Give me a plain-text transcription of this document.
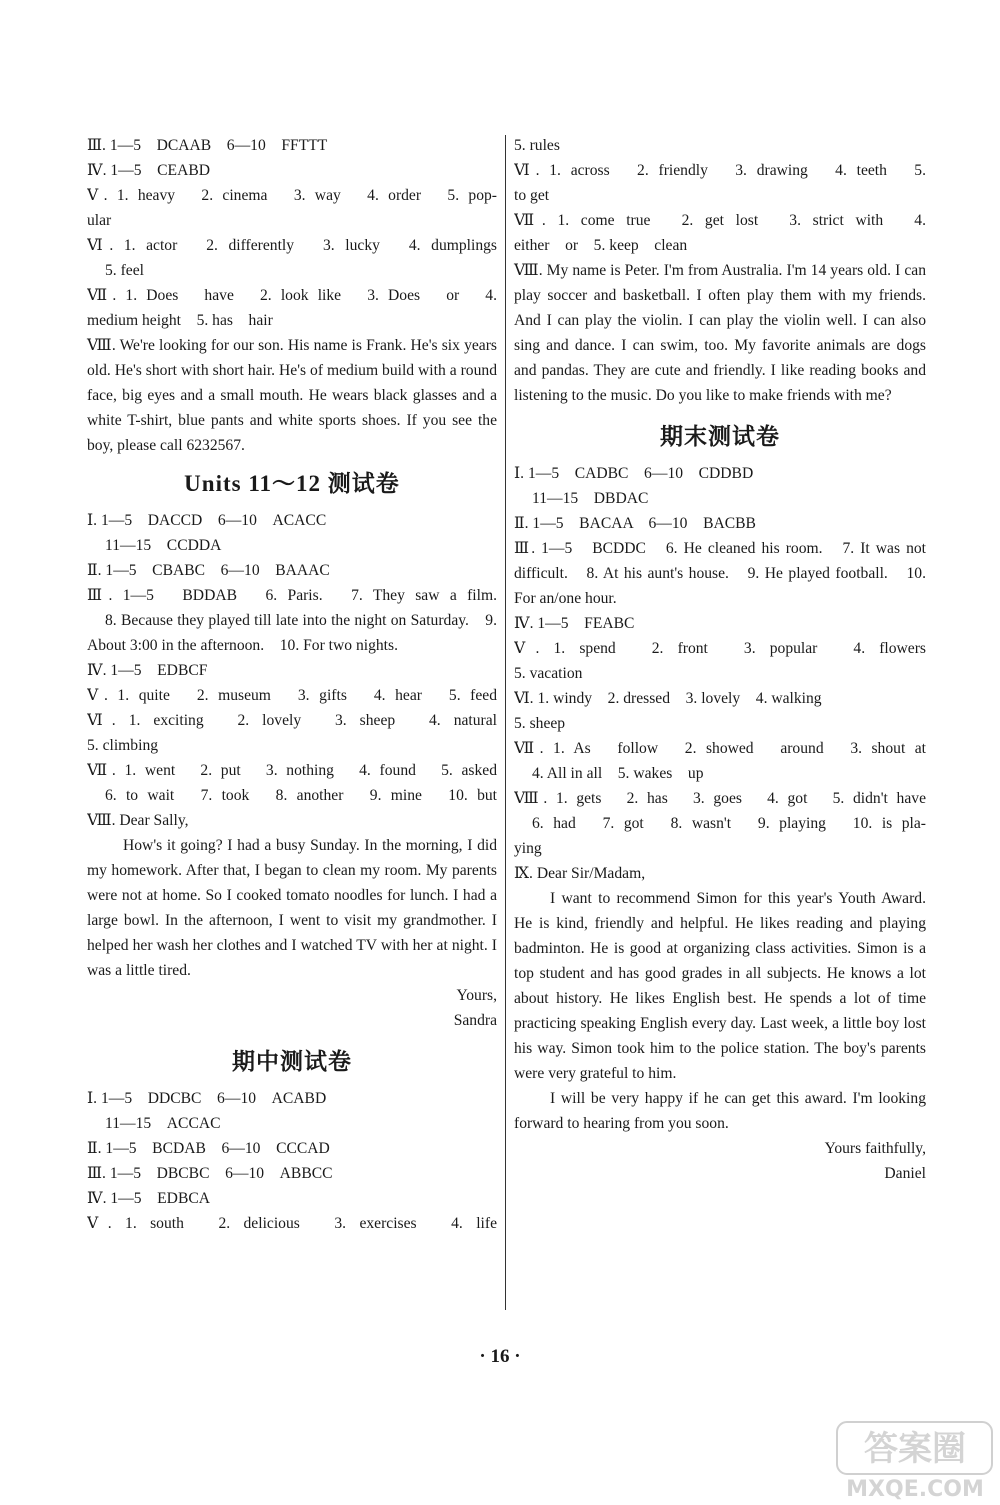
Ⅲ. 1—5　DCAAB　6—10　FFTTT
Ⅳ. 1—5　CEABD
Ⅴ. 1. heavy　2. cinema　3. way　4. order　5. pop-
ular
Ⅵ. 1. actor　2. differently　3. lucky　4. dumplings
5. feel
Ⅶ. 1. Does　have　2. look like　3. Does　or　4.
medium height　5. has　hair
Ⅷ. We're looking for our son. His name is Frank. He's six years old. He's short with short hair. He's of medium build with a round face, big eyes and a small mouth. He wears black glasses and a white T-shirt, blue pants and white sports shoes. If you see the boy, please call 6232567.
Units 11～12 测试卷
Ⅰ. 1—5　DACCD　6—10　ACACC
11—15　CCDDA
Ⅱ. 1—5　CBABC　6—10　BAAAC
Ⅲ. 1—5　BDDAB　6. Paris.　7. They saw a film.
8. Because they played till late into the night on Saturday.　9. About 3:00 in the afternoon.　10. For two nights.
Ⅳ. 1—5　EDBCF
Ⅴ. 1. quite　2. museum　3. gifts　4. hear　5. feed
Ⅵ. 1. exciting　2. lovely　3. sheep　4. natural
5. climbing
Ⅶ. 1. went　2. put　3. nothing　4. found　5. asked
6. to wait　7. took　8. another　9. mine　10. but
Ⅷ. Dear Sally,
How's it going? I had a busy Sunday. In the morning, I did my homework. After that, I began to clean my room. My parents were not at home. So I cooked tomato noodles for lunch. I had a large bowl. In the afternoon, I went to visit my grandmother. I helped her wash her clothes and I watched TV with her at night. I was a little tired.
Yours,
Sandra
期中测试卷
Ⅰ. 1—5　DDCBC　6—10　ACABD
11—15　ACCAC
Ⅱ. 1—5　BCDAB　6—10　CCCAD
Ⅲ. 1—5　DBCBC　6—10　ABBCC
Ⅳ. 1—5　EDBCA
Ⅴ. 1. south　2. delicious　3. exercises　4. life
5. rules
Ⅵ. 1. across　2. friendly　3. drawing　4. teeth　5.
to get
Ⅶ. 1. come true　2. get lost　3. strict with　4.
either　or　5. keep　clean
Ⅷ. My name is Peter. I'm from Australia. I'm 14 years old. I can play soccer and basketball. I often play them with my friends. And I can play the violin. I can play the violin well. I can also sing and dance. I can swim, too. My favorite animals are dogs and pandas. They are cute and friendly. I like reading books and listening to the music. Do you like to make friends with me?
期末测试卷
Ⅰ. 1—5　CADBC　6—10　CDDBD
11—15　DBDAC
Ⅱ. 1—5　BACAA　6—10　BACBB
Ⅲ. 1—5　BCDDC　6. He cleaned his room.　7. It was not difficult.　8. At his aunt's house.　9. He played football.　10. For an/one hour.
Ⅳ. 1—5　FEABC
Ⅴ. 1. spend　2. front　3. popular　4. flowers
5. vacation
Ⅵ. 1. windy　2. dressed　3. lovely　4. walking
5. sheep
Ⅶ. 1. As　follow　2. showed　around　3. shout at
4. All in all　5. wakes　up
Ⅷ. 1. gets　2. has　3. goes　4. got　5. didn't have
6. had　7. got　8. wasn't　9. playing　10. is pla-
ying
Ⅸ. Dear Sir/Madam,
I want to recommend Simon for this year's Youth Award. He is kind, friendly and helpful. He likes reading and playing badminton. He is good at organizing class activities. Simon is a top student and has good grades in all subjects. He knows a lot about history. He likes English best. He spends a lot of time practicing speaking English every day. Last week, a little boy lost his way. Simon took him to the police station. The boy's parents were very grateful to him.
I will be very happy if he can get this award. I'm looking forward to hearing from you soon.
Yours faithfully,
Daniel
· 16 ·
答案圈
MXQE.COM
